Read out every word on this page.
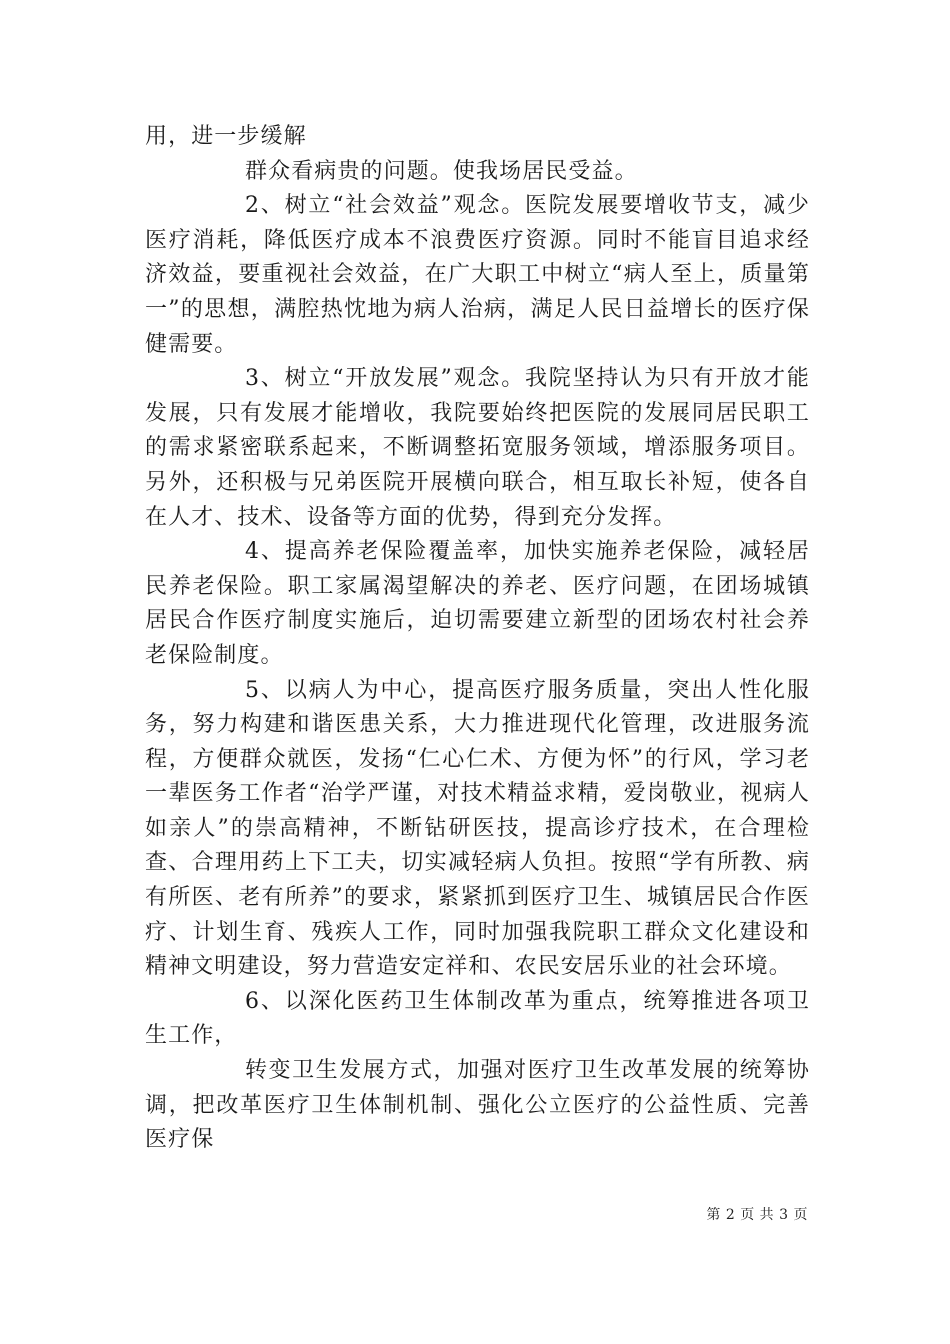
用，进一步缓解

群众看病贵的问题。使我场居民受益。

2、树立“社会效益”观念。医院发展要增收节支，减少医疗消耗，降低医疗成本不浪费医疗资源。同时不能盲目追求经济效益，要重视社会效益，在广大职工中树立“病人至上，质量第一”的思想，满腔热忱地为病人治病，满足人民日益增长的医疗保健需要。

3、树立“开放发展”观念。我院坚持认为只有开放才能发展，只有发展才能增收，我院要始终把医院的发展同居民职工的需求紧密联系起来，不断调整拓宽服务领域，增添服务项目。另外，还积极与兄弟医院开展横向联合，相互取长补短，使各自在人才、技术、设备等方面的优势，得到充分发挥。

4、提高养老保险覆盖率，加快实施养老保险，减轻居民养老保险。职工家属渴望解决的养老、医疗问题，在团场城镇居民合作医疗制度实施后，迫切需要建立新型的团场农村社会养老保险制度。

5、以病人为中心，提高医疗服务质量，突出人性化服务，努力构建和谐医患关系，大力推进现代化管理，改进服务流程，方便群众就医，发扬“仁心仁术、方便为怀”的行风，学习老一辈医务工作者“治学严谨，对技术精益求精，爱岗敬业，视病人如亲人”的崇高精神，不断钻研医技，提高诊疗技术，在合理检查、合理用药上下工夫，切实减轻病人负担。按照“学有所教、病有所医、老有所养”的要求，紧紧抓到医疗卫生、城镇居民合作医疗、计划生育、残疾人工作，同时加强我院职工群众文化建设和精神文明建设，努力营造安定祥和、农民安居乐业的社会环境。

6、以深化医药卫生体制改革为重点，统筹推进各项卫生工作，

转变卫生发展方式，加强对医疗卫生改革发展的统筹协调，把改革医疗卫生体制机制、强化公立医疗的公益性质、完善医疗保

第 2 页 共 3 页
